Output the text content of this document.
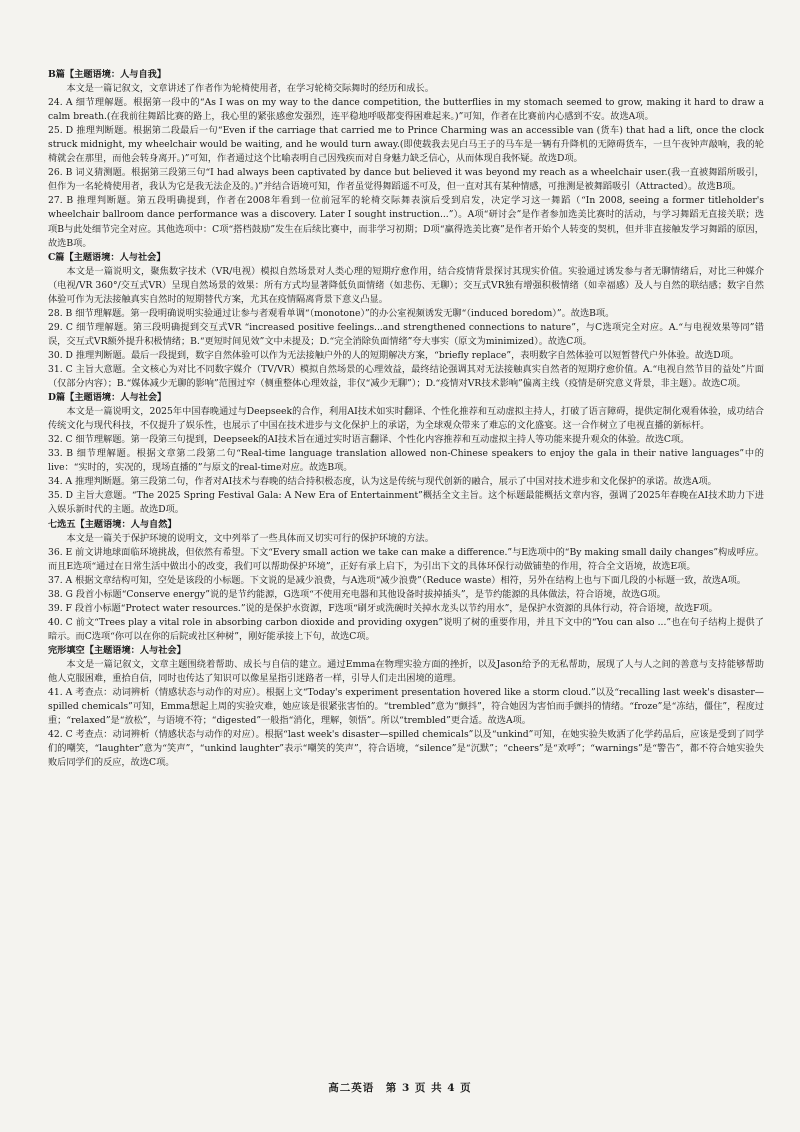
B篇【主题语境：人与自我】

本文是一篇记叙文，文章讲述了作者作为轮椅使用者，在学习轮椅交际舞时的经历和成长。

24. A 细节理解题。根据第一段中的“As I was on my way to the dance competition, the butterflies in my stomach seemed to grow, making it hard to draw a calm breath.(在我前往舞蹈比赛的路上，我心里的紧张感愈发强烈，连平稳地呼吸都变得困难起来。)”可知，作者在比赛前内心感到不安。故选A项。

25. D 推理判断题。根据第二段最后一句“Even if the carriage that carried me to Prince Charming was an accessible van (货车) that had a lift, once the clock struck midnight, my wheelchair would be waiting, and he would turn away.(即使载我去见白马王子的马车是一辆有升降机的无障碍货车，一旦午夜钟声敲响，我的轮椅就会在那里，而他会转身离开。)”可知，作者通过这个比喻表明自己因残疾而对自身魅力缺乏信心，从而体现自我怀疑。故选D项。

26. B 词义猜测题。根据第三段第三句“I had always been captivated by dance but believed it was beyond my reach as a wheelchair user.(我一直被舞蹈所吸引，但作为一名轮椅使用者，我认为它是我无法企及的。)”并结合语境可知，作者虽觉得舞蹈遥不可及，但一直对其有某种情感，可推测是被舞蹈吸引（Attracted）。故选B项。

27. B 推理判断题。第五段明确提到，作者在2008年看到一位前冠军的轮椅交际舞表演后受到启发，决定学习这一舞蹈（“In 2008, seeing a former titleholder's wheelchair ballroom dance performance was a discovery. Later I sought instruction...”）。A项“研讨会”是作者参加选美比赛时的活动，与学习舞蹈无直接关联；选项B与此处细节完全对应。其他选项中：C项“搭档鼓励”发生在后续比赛中，而非学习初期；D项“赢得选美比赛”是作者开始个人转变的契机，但并非直接触发学习舞蹈的原因，故选B项。

C篇【主题语境：人与社会】

本文是一篇说明文，聚焦数字技术（VR/电视）模拟自然场景对人类心理的短期疗愈作用，结合疫情背景探讨其现实价值。实验通过诱发参与者无聊情绪后，对比三种媒介（电视/VR 360°/交互式VR）呈现自然场景的效果：所有方式均显著降低负面情绪（如悲伤、无聊）；交互式VR独有增强积极情绪（如幸福感）及人与自然的联结感；数字自然体验可作为无法接触真实自然时的短期替代方案，尤其在疫情隔离背景下意义凸显。

28. B 细节理解题。第一段明确说明实验通过让参与者观看单调“（monotone）”的办公室视频诱发无聊“（induced boredom）”。故选B项。

29. C 细节理解题。第三段明确提到交互式VR “increased positive feelings...and strengthened connections to nature”，与C选项完全对应。A.“与电视效果等同”错误，交互式VR额外提升积极情绪；B.“更短时间见效”文中未提及；D.“完全消除负面情绪”夸大事实（原文为minimized）。故选C项。

30. D 推理判断题。最后一段提到，数字自然体验可以作为无法接触户外的人的短期解决方案，“briefly replace”，表明数字自然体验可以短暂替代户外体验。故选D项。

31. C 主旨大意题。全文核心为对比不同数字媒介（TV/VR）模拟自然场景的心理效益，最终结论强调其对无法接触真实自然者的短期疗愈价值。A.“电视自然节目的益处”片面（仅部分内容）；B.“媒体减少无聊的影响”范围过窄（侧重整体心理效益，非仅“减少无聊”）；D.“疫情对VR技术影响”偏离主线（疫情是研究意义背景，非主题）。故选C项。

D篇【主题语境：人与社会】

本文是一篇说明文，2025年中国春晚通过与Deepseek的合作，利用AI技术如实时翻译、个性化推荐和互动虚拟主持人，打破了语言障碍，提供定制化观看体验，成功结合传统文化与现代科技，不仅提升了娱乐性，也展示了中国在技术进步与文化保护上的承诺，为全球观众带来了难忘的文化盛宴。这一合作树立了电视直播的新标杆。

32. C 细节理解题。第一段第三句提到，Deepseek的AI技术旨在通过实时语言翻译、个性化内容推荐和互动虚拟主持人等功能来提升观众的体验。故选C项。

33. B 细节理解题。根据文章第二段第二句“Real-time language translation allowed non-Chinese speakers to enjoy the gala in their native languages”中的live：“实时的，实况的，现场直播的”与原文的real-time对应。故选B项。

34. A 推理判断题。第三段第二句，作者对AI技术与春晚的结合持积极态度，认为这是传统与现代创新的融合，展示了中国对技术进步和文化保护的承诺。故选A项。

35. D 主旨大意题。“The 2025 Spring Festival Gala: A New Era of Entertainment”概括全文主旨。这个标题最能概括文章内容，强调了2025年春晚在AI技术助力下进入娱乐新时代的主题。故选D项。

七选五【主题语境：人与自然】

本文是一篇关于保护环境的说明文，文中列举了一些具体而又切实可行的保护环境的方法。

36. E 前文讲地球面临环境挑战，但依然有希望。下文“Every small action we take can make a difference.”与E选项中的“By making small daily changes”构成呼应。而且E选项“通过在日常生活中做出小的改变，我们可以帮助保护环境”，正好有承上启下，为引出下文的具体环保行动做铺垫的作用，符合全文语境，故选E项。

37. A 根据文章结构可知，空处是该段的小标题。下文说的是减少浪费，与A选项“减少浪费”（Reduce waste）相符，另外在结构上也与下面几段的小标题一致，故选A项。

38. G 段首小标题“Conserve energy”说的是节约能源，G选项“不使用充电器和其他设备时拔掉插头”，是节约能源的具体做法，符合语境，故选G项。

39. F 段首小标题“Protect water resources.”说的是保护水资源，F选项“刷牙或洗碗时关掉水龙头以节约用水”，是保护水资源的具体行动，符合语境，故选F项。

40. C 前文“Trees play a vital role in absorbing carbon dioxide and providing oxygen”说明了树的重要作用，并且下文中的“You can also ...”也在句子结构上提供了暗示。而C选项“你可以在你的后院或社区种树”，刚好能承接上下句，故选C项。

完形填空【主题语境：人与社会】

本文是一篇记叙文，文章主题围绕着帮助、成长与自信的建立。通过Emma在物理实验方面的挫折，以及Jason给予的无私帮助，展现了人与人之间的善意与支持能够帮助他人克服困难，重拾自信，同时也传达了知识可以像星星指引迷路者一样，引导人们走出困境的道理。

41. A 考查点：动词辨析（情感状态与动作的对应）。根据上文“Today's experiment presentation hovered like a storm cloud.”以及“recalling last week's disaster—spilled chemicals”可知，Emma想起上周的实验灾难，她应该是很紧张害怕的。“trembled”意为“颤抖”，符合她因为害怕而手颤抖的情绪。“froze”是“冻结，僵住”，程度过重；“relaxed”是“放松”，与语境不符；“digested”一般指“消化，理解，领悟”。所以“trembled”更合适。故选A项。

42. C 考查点：动词辨析（情感状态与动作的对应）。根据“last week's disaster—spilled chemicals”以及“unkind”可知，在她实验失败洒了化学药品后，应该是受到了同学们的嘲笑，“laughter”意为“笑声”，“unkind laughter”表示“嘲笑的笑声”，符合语境，“silence”是“沉默”；“cheers”是“欢呼”；“warnings”是“警告”，都不符合她实验失败后同学们的反应，故选C项。

高二英语　第 3 页 共 4 页
